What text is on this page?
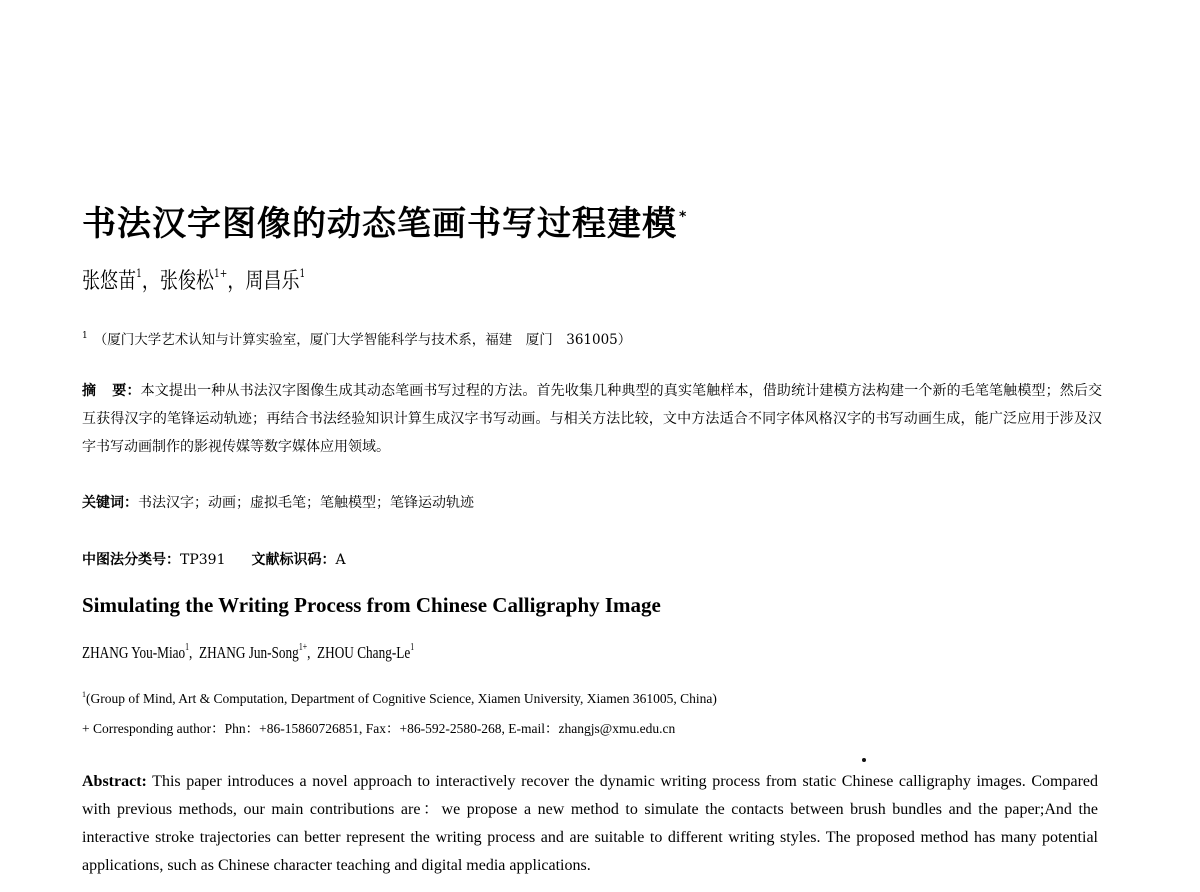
书法汉字图像的动态笔画书写过程建模 *
张悠苗$^1$，张俊松$^{1+}$，周昌乐$^1$
$^1$ （厦门大学艺术认知与计算实验室，厦门大学智能科学与技术系，福建　厦门　361005）
摘 要：本文提出一种从书法汉字图像生成其动态笔画书写过程的方法。首先收集几种典型的真实笔触样本，借助统计建模方法构建一个新的毛笔笔触模型；然后交互获得汉字的笔锋运动轨迹；再结合书法经验知识计算生成汉字书写动画。与相关方法比较，文中方法适合不同字体风格汉字的书写动画生成，能广泛应用于涉及汉字书写动画制作的影视传媒等数字媒体应用领域。
关键词：书法汉字；动画；虚拟毛笔；笔触模型；笔锋运动轨迹
中图法分类号：TP391 文献标识码：A
Simulating the Writing Process from Chinese Calligraphy Image
ZHANG You-Miao$^1$, ZHANG Jun-Song$^{1+}$, ZHOU Chang-Le$^1$
$^1$(Group of Mind, Art & Computation, Department of Cognitive Science, Xiamen University, Xiamen 361005, China)
+ Corresponding author：Phn：+86-15860726851, Fax：+86-592-2580-268, E-mail：zhangjs@xmu.edu.cn
Abstract: This paper introduces a novel approach to interactively recover the dynamic writing process from static Chinese calligraphy images. Compared with previous methods, our main contributions are：we propose a new method to simulate the contacts between brush bundles and the paper;And the interactive stroke trajectories can better represent the writing process and are suitable to different writing styles. The proposed method has many potential applications, such as Chinese character teaching and digital media applications.
